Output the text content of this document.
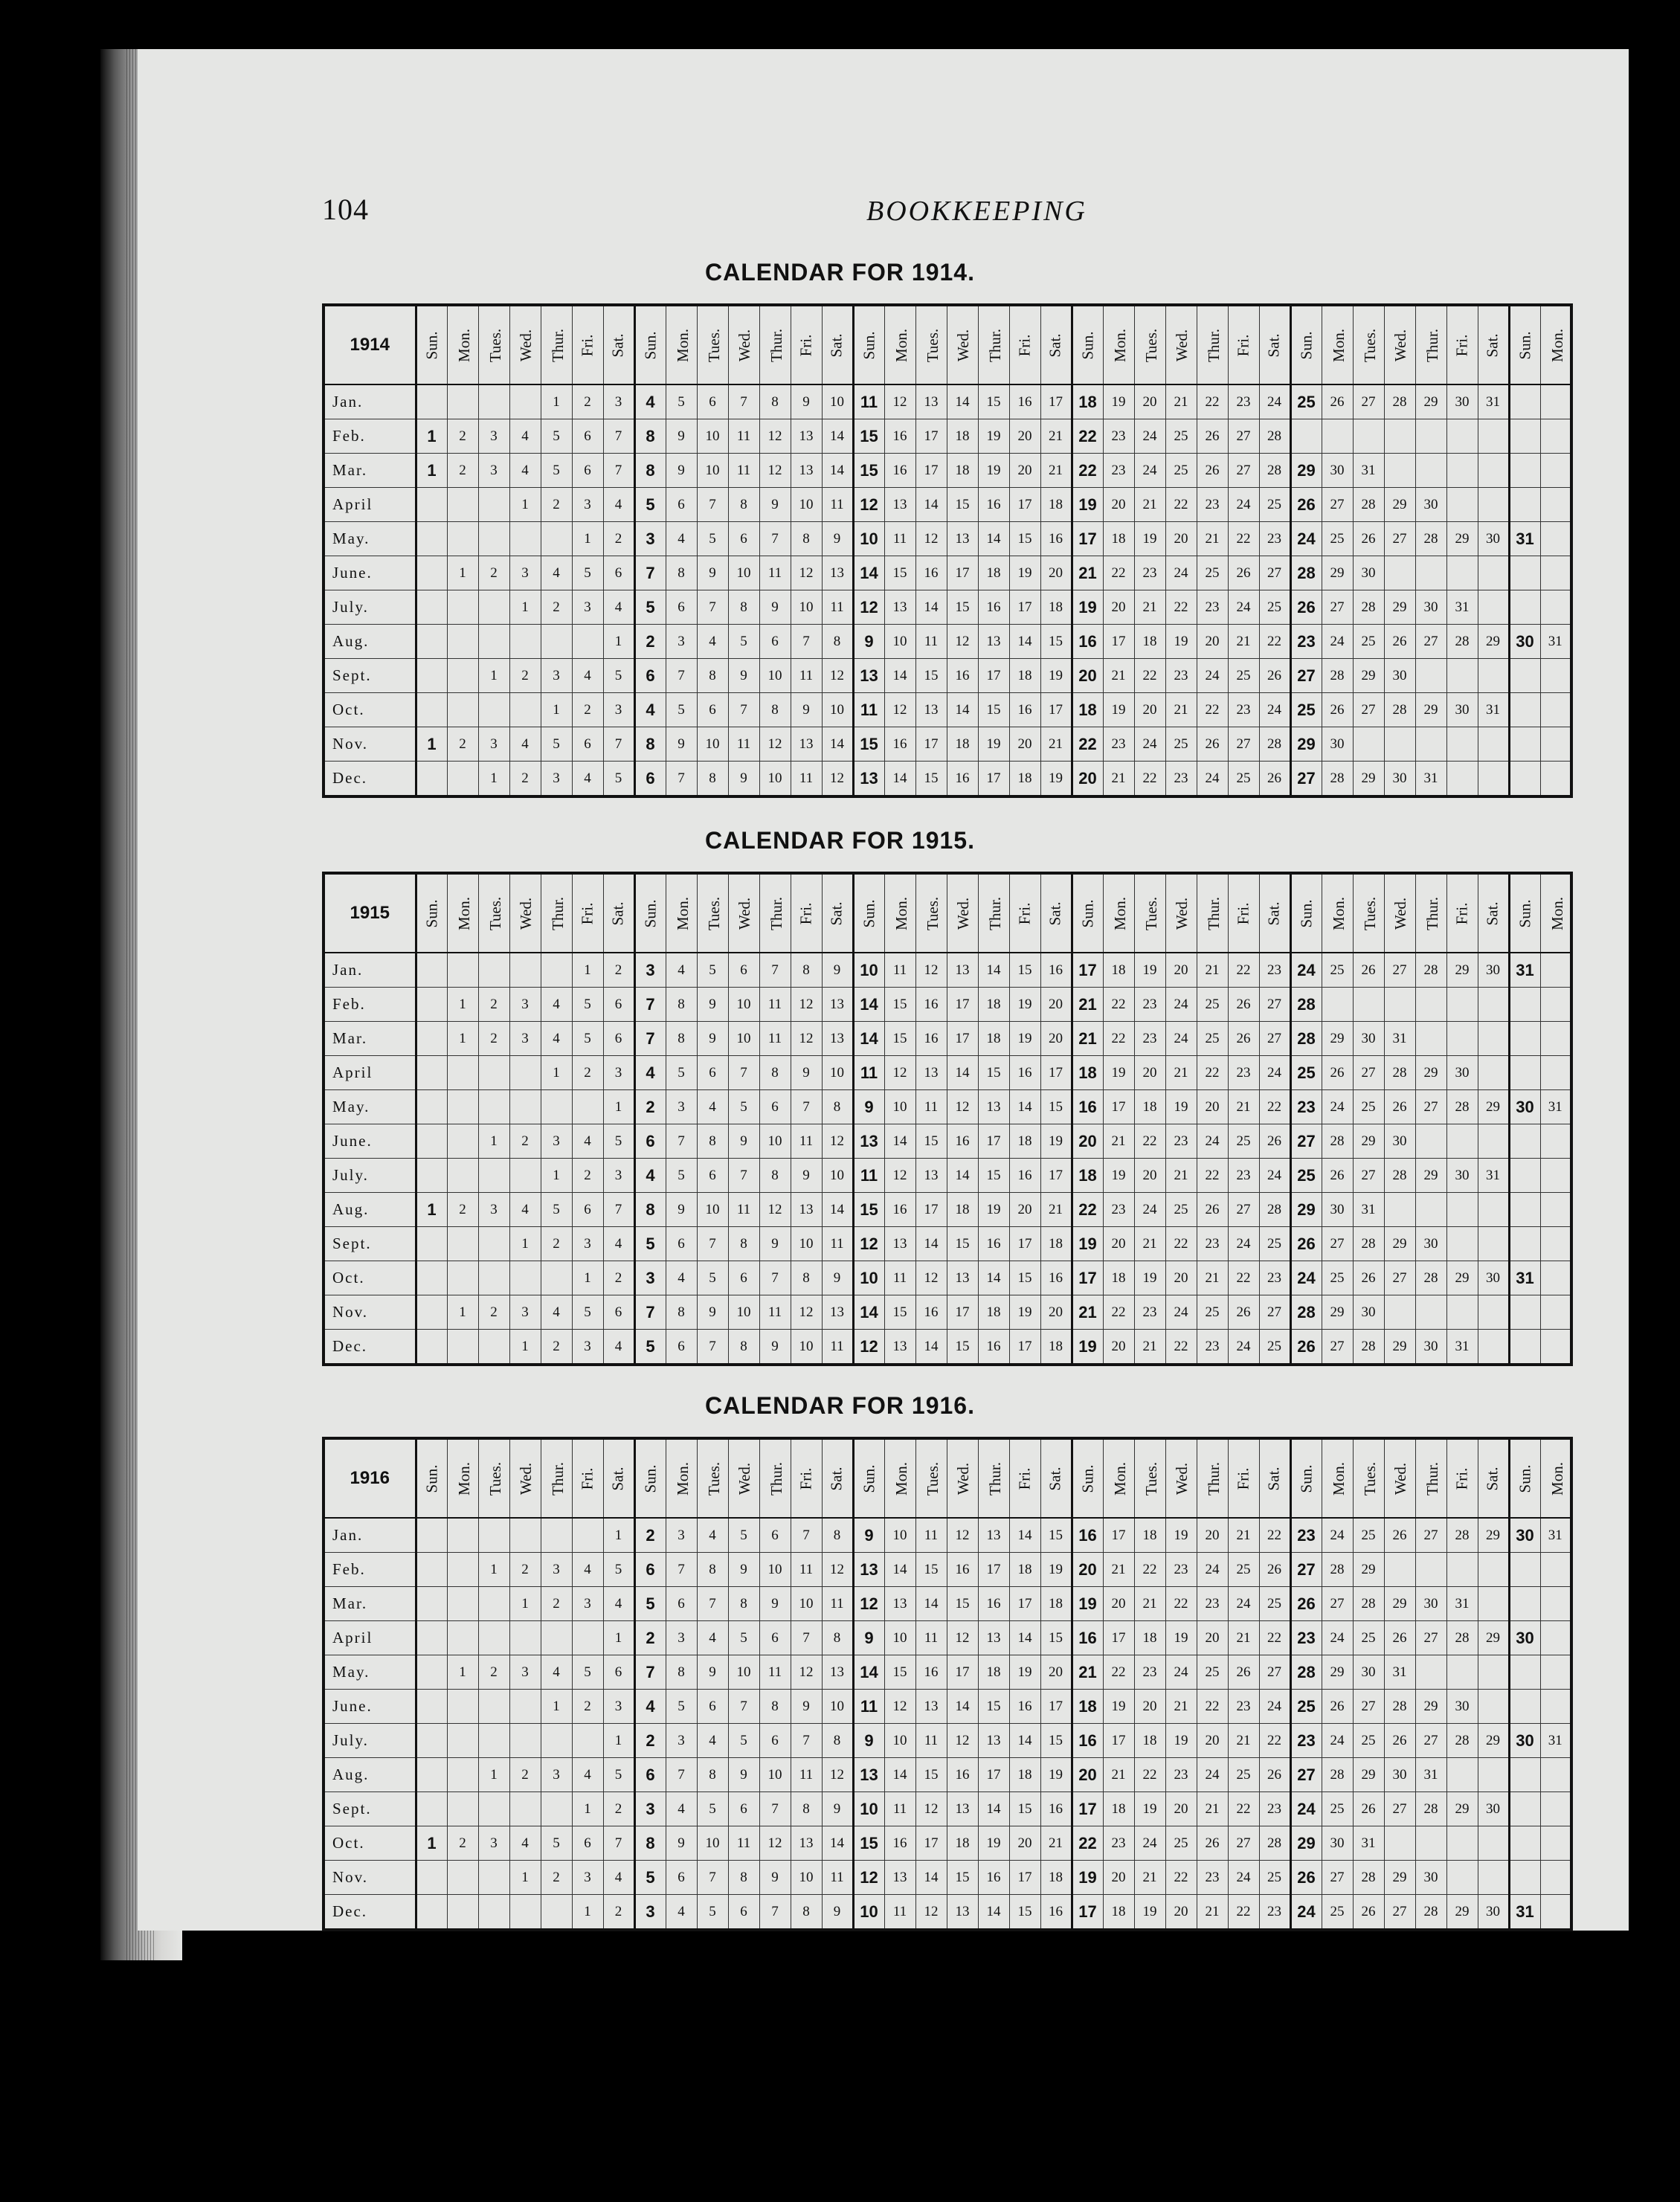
104	BOOKKEEPING
CALENDAR FOR 1914.
1914	Sun.	Mon.	Tues.	Wed.	Thur.	Fri.	Sat.	Sun.	Mon.	Tues.	Wed.	Thur.	Fri.	Sat.	Sun.	Mon.	Tues.	Wed.	Thur.	Fri.	Sat.	Sun.	Mon.	Tues.	Wed.	Thur.	Fri.	Sat.	Sun.	Mon.	Tues.	Wed.	Thur.	Fri.	Sat.	Sun.	Mon.
Jan.					1	2	3	4	5	6	7	8	9	10	11	12	13	14	15	16	17	18	19	20	21	22	23	24	25	26	27	28	29	30	31		
Feb.	1	2	3	4	5	6	7	8	9	10	11	12	13	14	15	16	17	18	19	20	21	22	23	24	25	26	27	28									
Mar.	1	2	3	4	5	6	7	8	9	10	11	12	13	14	15	16	17	18	19	20	21	22	23	24	25	26	27	28	29	30	31						
April				1	2	3	4	5	6	7	8	9	10	11	12	13	14	15	16	17	18	19	20	21	22	23	24	25	26	27	28	29	30				
May.						1	2	3	4	5	6	7	8	9	10	11	12	13	14	15	16	17	18	19	20	21	22	23	24	25	26	27	28	29	30	31	
June.		1	2	3	4	5	6	7	8	9	10	11	12	13	14	15	16	17	18	19	20	21	22	23	24	25	26	27	28	29	30						
July.				1	2	3	4	5	6	7	8	9	10	11	12	13	14	15	16	17	18	19	20	21	22	23	24	25	26	27	28	29	30	31			
Aug.							1	2	3	4	5	6	7	8	9	10	11	12	13	14	15	16	17	18	19	20	21	22	23	24	25	26	27	28	29	30	31
Sept.			1	2	3	4	5	6	7	8	9	10	11	12	13	14	15	16	17	18	19	20	21	22	23	24	25	26	27	28	29	30					
Oct.					1	2	3	4	5	6	7	8	9	10	11	12	13	14	15	16	17	18	19	20	21	22	23	24	25	26	27	28	29	30	31		
Nov.	1	2	3	4	5	6	7	8	9	10	11	12	13	14	15	16	17	18	19	20	21	22	23	24	25	26	27	28	29	30							
Dec.			1	2	3	4	5	6	7	8	9	10	11	12	13	14	15	16	17	18	19	20	21	22	23	24	25	26	27	28	29	30	31				
CALENDAR FOR 1915.
1915	Sun.	Mon.	Tues.	Wed.	Thur.	Fri.	Sat.	Sun.	Mon.	Tues.	Wed.	Thur.	Fri.	Sat.	Sun.	Mon.	Tues.	Wed.	Thur.	Fri.	Sat.	Sun.	Mon.	Tues.	Wed.	Thur.	Fri.	Sat.	Sun.	Mon.	Tues.	Wed.	Thur.	Fri.	Sat.	Sun.	Mon.
Jan.						1	2	3	4	5	6	7	8	9	10	11	12	13	14	15	16	17	18	19	20	21	22	23	24	25	26	27	28	29	30	31	
Feb.		1	2	3	4	5	6	7	8	9	10	11	12	13	14	15	16	17	18	19	20	21	22	23	24	25	26	27	28								
Mar.		1	2	3	4	5	6	7	8	9	10	11	12	13	14	15	16	17	18	19	20	21	22	23	24	25	26	27	28	29	30	31					
April					1	2	3	4	5	6	7	8	9	10	11	12	13	14	15	16	17	18	19	20	21	22	23	24	25	26	27	28	29	30			
May.							1	2	3	4	5	6	7	8	9	10	11	12	13	14	15	16	17	18	19	20	21	22	23	24	25	26	27	28	29	30	31
June.			1	2	3	4	5	6	7	8	9	10	11	12	13	14	15	16	17	18	19	20	21	22	23	24	25	26	27	28	29	30					
July.					1	2	3	4	5	6	7	8	9	10	11	12	13	14	15	16	17	18	19	20	21	22	23	24	25	26	27	28	29	30	31		
Aug.	1	2	3	4	5	6	7	8	9	10	11	12	13	14	15	16	17	18	19	20	21	22	23	24	25	26	27	28	29	30	31						
Sept.				1	2	3	4	5	6	7	8	9	10	11	12	13	14	15	16	17	18	19	20	21	22	23	24	25	26	27	28	29	30				
Oct.						1	2	3	4	5	6	7	8	9	10	11	12	13	14	15	16	17	18	19	20	21	22	23	24	25	26	27	28	29	30	31	
Nov.		1	2	3	4	5	6	7	8	9	10	11	12	13	14	15	16	17	18	19	20	21	22	23	24	25	26	27	28	29	30						
Dec.				1	2	3	4	5	6	7	8	9	10	11	12	13	14	15	16	17	18	19	20	21	22	23	24	25	26	27	28	29	30	31			
CALENDAR FOR 1916.
1916	Sun.	Mon.	Tues.	Wed.	Thur.	Fri.	Sat.	Sun.	Mon.	Tues.	Wed.	Thur.	Fri.	Sat.	Sun.	Mon.	Tues.	Wed.	Thur.	Fri.	Sat.	Sun.	Mon.	Tues.	Wed.	Thur.	Fri.	Sat.	Sun.	Mon.	Tues.	Wed.	Thur.	Fri.	Sat.	Sun.	Mon.
Jan.							1	2	3	4	5	6	7	8	9	10	11	12	13	14	15	16	17	18	19	20	21	22	23	24	25	26	27	28	29	30	31
Feb.			1	2	3	4	5	6	7	8	9	10	11	12	13	14	15	16	17	18	19	20	21	22	23	24	25	26	27	28	29						
Mar.				1	2	3	4	5	6	7	8	9	10	11	12	13	14	15	16	17	18	19	20	21	22	23	24	25	26	27	28	29	30	31			
April							1	2	3	4	5	6	7	8	9	10	11	12	13	14	15	16	17	18	19	20	21	22	23	24	25	26	27	28	29	30	
May.		1	2	3	4	5	6	7	8	9	10	11	12	13	14	15	16	17	18	19	20	21	22	23	24	25	26	27	28	29	30	31					
June.					1	2	3	4	5	6	7	8	9	10	11	12	13	14	15	16	17	18	19	20	21	22	23	24	25	26	27	28	29	30			
July.							1	2	3	4	5	6	7	8	9	10	11	12	13	14	15	16	17	18	19	20	21	22	23	24	25	26	27	28	29	30	31
Aug.			1	2	3	4	5	6	7	8	9	10	11	12	13	14	15	16	17	18	19	20	21	22	23	24	25	26	27	28	29	30	31				
Sept.						1	2	3	4	5	6	7	8	9	10	11	12	13	14	15	16	17	18	19	20	21	22	23	24	25	26	27	28	29	30		
Oct.	1	2	3	4	5	6	7	8	9	10	11	12	13	14	15	16	17	18	19	20	21	22	23	24	25	26	27	28	29	30	31						
Nov.				1	2	3	4	5	6	7	8	9	10	11	12	13	14	15	16	17	18	19	20	21	22	23	24	25	26	27	28	29	30				
Dec.						1	2	3	4	5	6	7	8	9	10	11	12	13	14	15	16	17	18	19	20	21	22	23	24	25	26	27	28	29	30	31	
